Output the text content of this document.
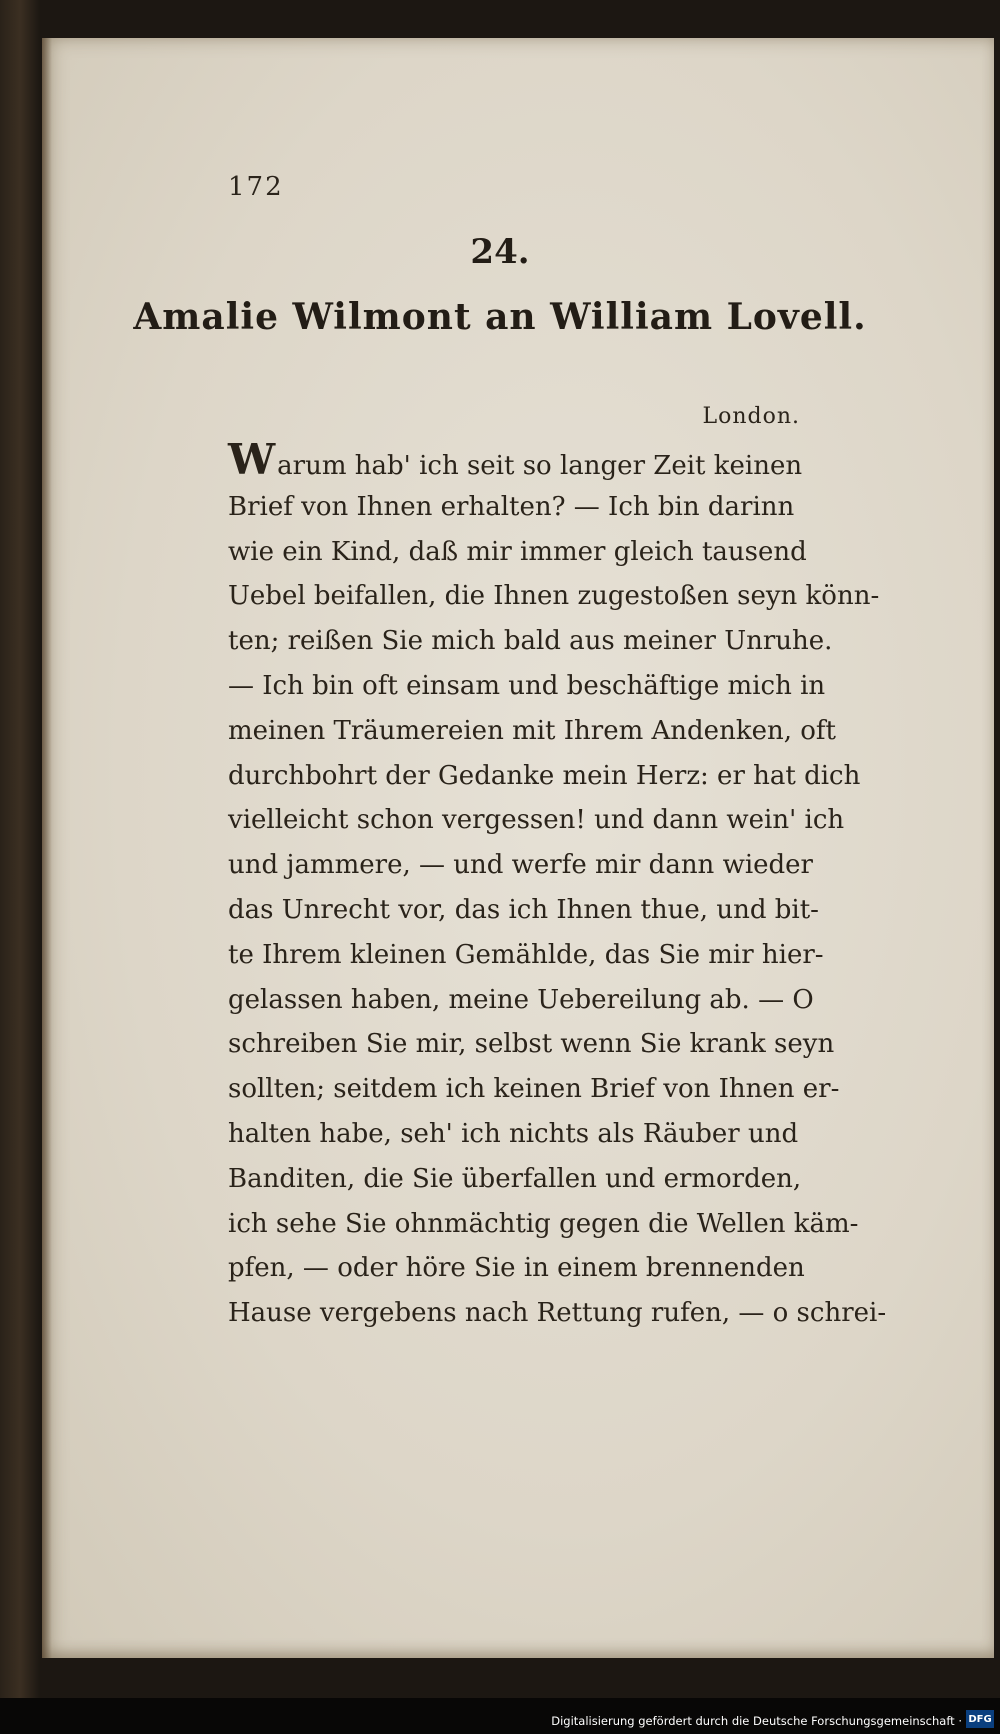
172
24.
Amalie Wilmont an William Lovell.
London.
Warum hab' ich seit so langer Zeit keinen
Brief von Ihnen erhalten? — Ich bin darinn
wie ein Kind, daß mir immer gleich tausend
Uebel beifallen, die Ihnen zugestoßen seyn könn-
ten; reißen Sie mich bald aus meiner Unruhe.
— Ich bin oft einsam und beschäftige mich in
meinen Träumereien mit Ihrem Andenken, oft
durchbohrt der Gedanke mein Herz: er hat dich
vielleicht schon vergessen! und dann wein' ich
und jammere, — und werfe mir dann wieder
das Unrecht vor, das ich Ihnen thue, und bit-
te Ihrem kleinen Gemählde, das Sie mir hier-
gelassen haben, meine Uebereilung ab. — O
schreiben Sie mir, selbst wenn Sie krank seyn
sollten; seitdem ich keinen Brief von Ihnen er-
halten habe, seh' ich nichts als Räuber und
Banditen, die Sie überfallen und ermorden,
ich sehe Sie ohnmächtig gegen die Wellen käm-
pfen, — oder höre Sie in einem brennenden
Hause vergebens nach Rettung rufen, — o schrei-
Digitalisierung gefördert durch die Deutsche Forschungsgemeinschaft · DFG
